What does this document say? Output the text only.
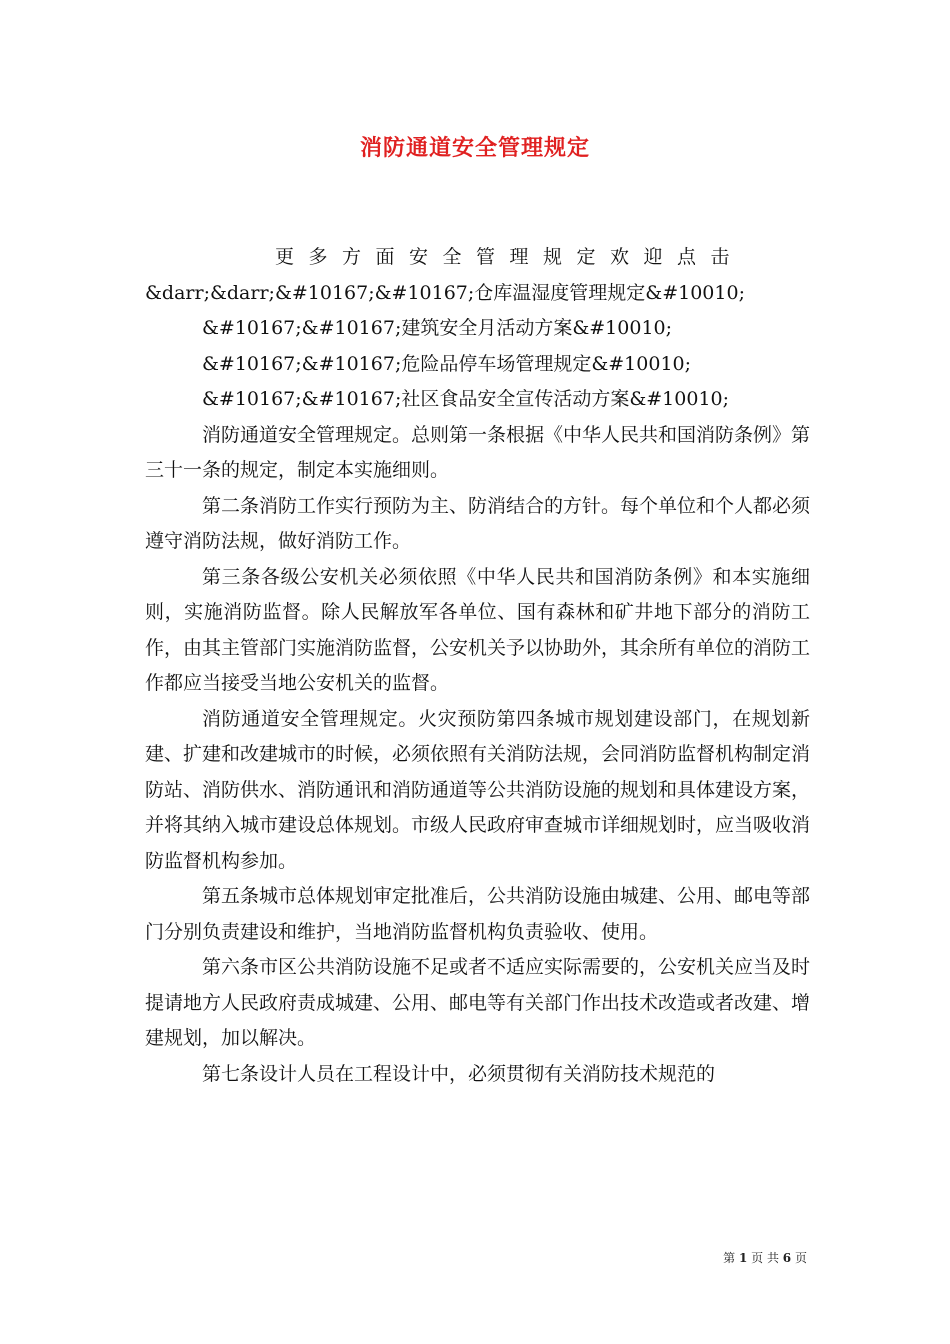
消防通道安全管理规定

更多方面安全管理规定欢迎点击

&darr;&darr;&#10167;&#10167;仓库温湿度管理规定&#10010;

&#10167;&#10167;建筑安全月活动方案&#10010;

&#10167;&#10167;危险品停车场管理规定&#10010;

&#10167;&#10167;社区食品安全宣传活动方案&#10010;

消防通道安全管理规定。总则第一条根据《中华人民共和国消防条例》第三十一条的规定，制定本实施细则。

第二条消防工作实行预防为主、防消结合的方针。每个单位和个人都必须遵守消防法规，做好消防工作。

第三条各级公安机关必须依照《中华人民共和国消防条例》和本实施细则，实施消防监督。除人民解放军各单位、国有森林和矿井地下部分的消防工作，由其主管部门实施消防监督，公安机关予以协助外，其余所有单位的消防工作都应当接受当地公安机关的监督。

消防通道安全管理规定。火灾预防第四条城市规划建设部门，在规划新建、扩建和改建城市的时候，必须依照有关消防法规，会同消防监督机构制定消防站、消防供水、消防通讯和消防通道等公共消防设施的规划和具体建设方案，并将其纳入城市建设总体规划。市级人民政府审查城市详细规划时，应当吸收消防监督机构参加。

第五条城市总体规划审定批准后，公共消防设施由城建、公用、邮电等部门分别负责建设和维护，当地消防监督机构负责验收、使用。

第六条市区公共消防设施不足或者不适应实际需要的，公安机关应当及时提请地方人民政府责成城建、公用、邮电等有关部门作出技术改造或者改建、增建规划，加以解决。

第七条设计人员在工程设计中，必须贯彻有关消防技术规范的

第 1 页 共 6 页
